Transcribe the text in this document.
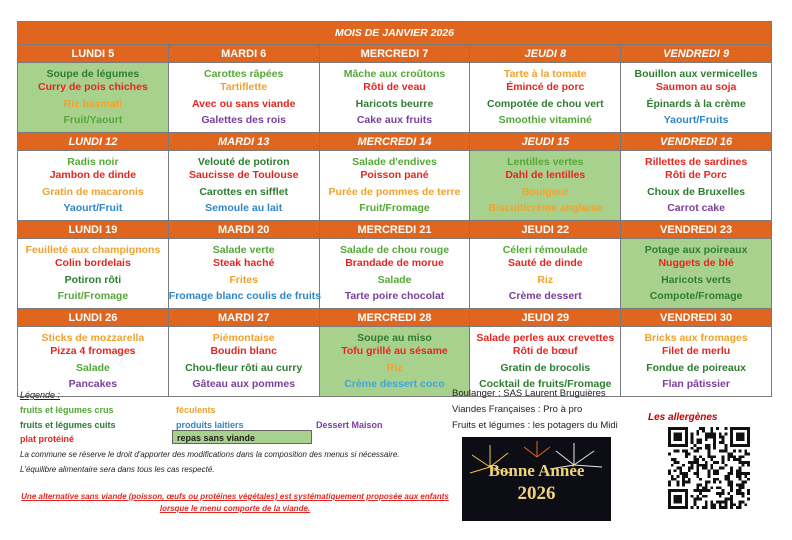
MOIS DE JANVIER 2026				
LUNDI 5	MARDI 6	MERCREDI 7	JEUDI 8	VENDREDI 9

Soupe de légumes
Curry de pois chiches
Riz basmati
Fruit/Yaourt	Carottes râpées
Tartiflette
Avec ou sans viande
Galettes des rois	Mâche aux croûtons
Rôti de veau
Haricots beurre
Cake aux fruits	Tarte à la tomate
Émincé de porc
Compotée de chou vert
Smoothie vitaminé	Bouillon aux vermicelles
Saumon au soja
Épinards à la crème
Yaourt/Fruits

LUNDI 12	MARDI 13	MERCREDI 14	JEUDI 15	VENDREDI 16

Radis noir
Jambon de dinde
Gratin de macaronis
Yaourt/Fruit	Velouté de potiron
Saucisse de Toulouse
Carottes en sifflet
Semoule au lait	Salade d'endives
Poisson pané
Purée de pommes de terre
Fruit/Fromage	Lentilles vertes
Dahl de lentilles
Boulgour
Biscuit/crème anglaise	Rillettes de sardines
Rôti de Porc
Choux de Bruxelles
Carrot cake

LUNDI 19	MARDI 20	MERCREDI 21	JEUDI 22	VENDREDI 23

Feuilleté aux champignons
Colin bordelais
Potiron rôti
Fruit/Fromage	Salade verte
Steak haché
Frites
Fromage blanc coulis de fruits	Salade de chou rouge
Brandade de morue
Salade
Tarte poire chocolat	Céleri rémoulade
Sauté de dinde
Riz
Crème dessert	Potage aux poireaux
Nuggets de blé
Haricots verts
Compote/Fromage

LUNDI 26	MARDI 27	MERCREDI 28	JEUDI 29	VENDREDI 30

Sticks de mozzarella
Pizza 4 fromages
Salade
Pancakes	Piémontaise
Boudin blanc
Chou-fleur rôti au curry
Gâteau aux pommes	Soupe au miso
Tofu grillé au sésame
Riz
Crème dessert coco	Salade perles aux crevettes
Rôti de bœuf
Gratin de brocolis
Cocktail de fruits/Fromage	Bricks aux fromages
Filet de merlu
Fondue de poireaux
Flan pâtissier
Légende :
fruits et légumes crus
fruits et légumes cuits
plat protéiné
féculents
produits laitiers
repas sans viande
Dessert Maison
La commune se réserve le droit d'apporter des modifications dans la composition des menus si nécessaire.
L'équilibre alimentaire sera dans tous les cas respecté.
Une alternative sans viande (poisson, œufs ou protéines végétales) est systématiquement proposée aux enfants lorsque le menu comporte de la viande.
Boulanger : SAS Laurent Bruguières
Viandes Françaises : Pro à pro
Fruits et légumes : les potagers du Midi
Bonne Année
2026
Les allergènes
